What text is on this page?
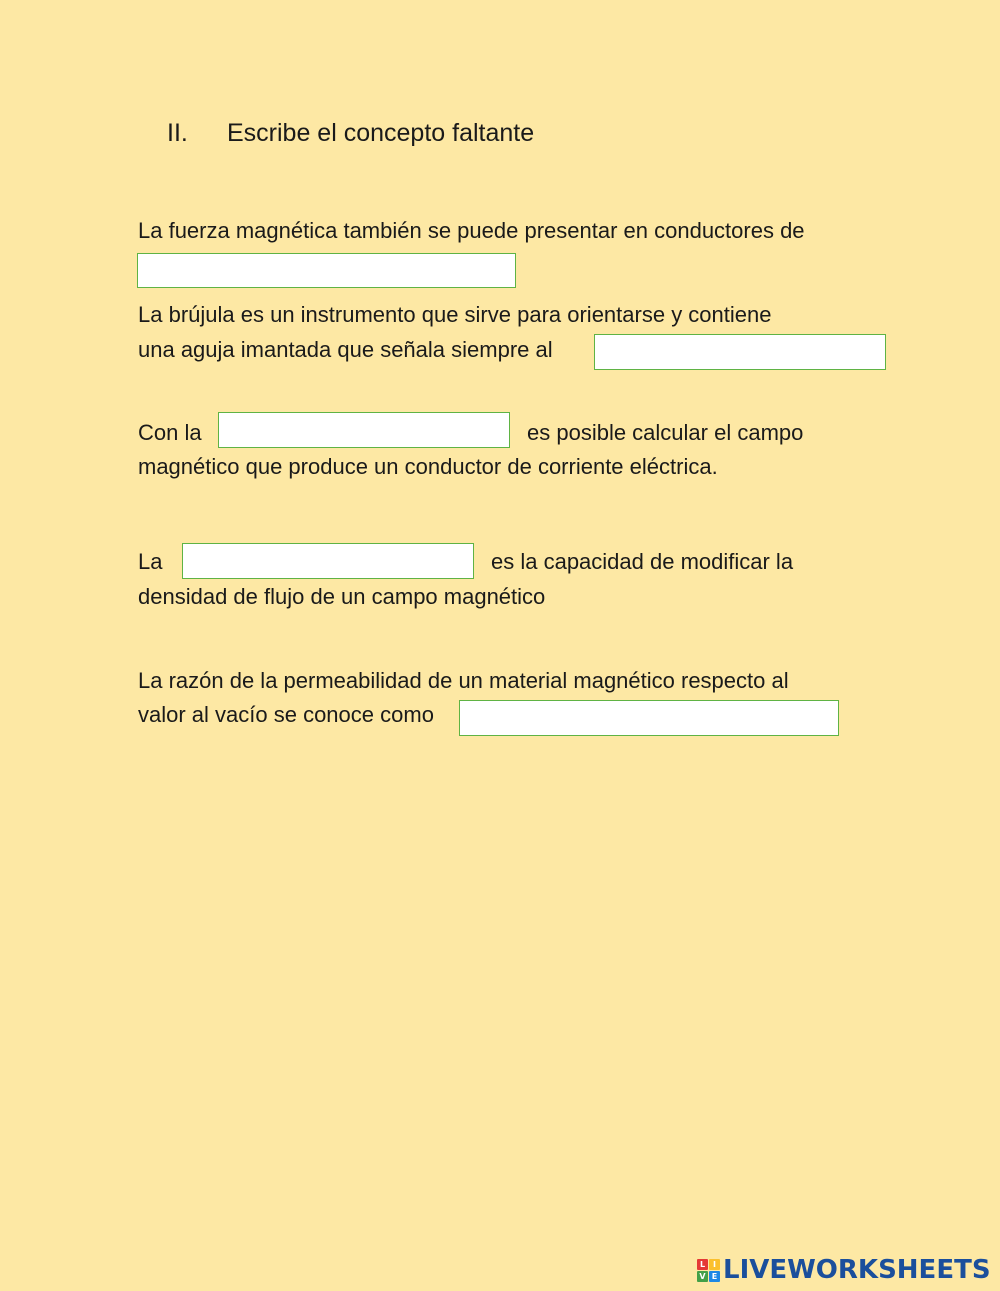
II. Escribe el concepto faltante
La fuerza magnética también se puede presentar en conductores de
La brújula es un instrumento que sirve para orientarse y contiene
una aguja imantada que señala siempre al
Con la	es posible calcular el campo
magnético que produce un conductor de corriente eléctrica.
La	es la capacidad de modificar la
densidad de flujo de un campo magnético
La razón de la permeabilidad de un material magnético respecto al
valor al vacío se conoce como
L I
V E LIVEWORKSHEETS
